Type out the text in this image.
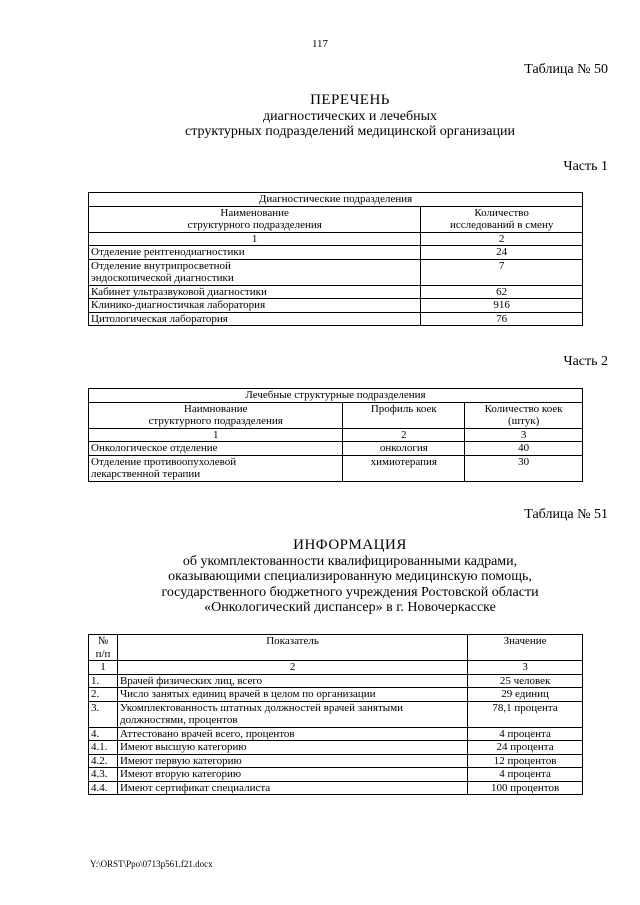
117
Таблица № 50
ПЕРЕЧЕНЬ
диагностических и лечебных
структурных подразделений медицинской организации
Часть 1
Диагностические подразделения	
Наименование
структурного подразделения	Количество
исследований в смену
1	2
Отделение рентгенодиагностики	24
Отделение внутрипросветной
эндоскопической диагностики	7
Кабинет ультразвуковой диагностики	62
Клинико-диагностичкая лаборатория	916
Цитологическая лаборатория	76
Часть 2
Лечебные структурные подразделения		
Наимнование
структурного подразделения	Профиль коек	Количество коек
(штук)
1	2	3
Онкологическое отделение	онкология	40
Отделение противоопухолевой
лекарственной терапии	химиотерапия	30
Таблица № 51
ИНФОРМАЦИЯ
об укомплектованности квалифицированными кадрами,
оказывающими специализированную медицинскую помощь,
государственного бюджетного учреждения Ростовской области
«Онкологический диспансер» в г. Новочеркасске
№
п/п	Показатель	Значение
1	2	3
1.	Врачей физических лиц, всего	25 человек
2.	Число занятых единиц врачей в целом по организации	29 единиц
3.	Укомплектованность штатных должностей врачей занятыми
должностями, процентов	78,1 процента
4.	Аттестовано врачей всего, процентов	4 процента
4.1.	Имеют высшую категорию	24 процента
4.2.	Имеют первую категорию	12 процентов
4.3.	Имеют вторую категорию	4 процента
4.4.	Имеют сертификат специалиста	100 процентов
Y:\ORST\Ppo\0713p561.f21.docx
